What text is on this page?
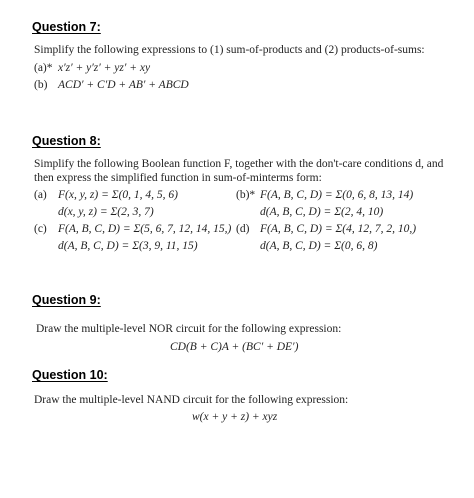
Question 7:
Simplify the following expressions to (1) sum-of-products and (2) products-of-sums:
(a)* x′z′ + y′z′ + yz′ + xy
(b) ACD′ + C′D + AB′ + ABCD
Question 8:
Simplify the following Boolean function F, together with the don't-care conditions d, and
then express the simplified function in sum-of-minterms form:
(a) F(x, y, z) = Σ(0, 1, 4, 5, 6)
d(x, y, z) = Σ(2, 3, 7)
(b)* F(A, B, C, D) = Σ(0, 6, 8, 13, 14)
d(A, B, C, D) = Σ(2, 4, 10)
(c) F(A, B, C, D) = Σ(5, 6, 7, 12, 14, 15,)
d(A, B, C, D) = Σ(3, 9, 11, 15)
(d) F(A, B, C, D) = Σ(4, 12, 7, 2, 10,)
d(A, B, C, D) = Σ(0, 6, 8)
Question 9:
Draw the multiple-level NOR circuit for the following expression:
CD(B + C)A + (BC′ + DE′)
Question 10:
Draw the multiple-level NAND circuit for the following expression:
w(x + y + z) + xyz
